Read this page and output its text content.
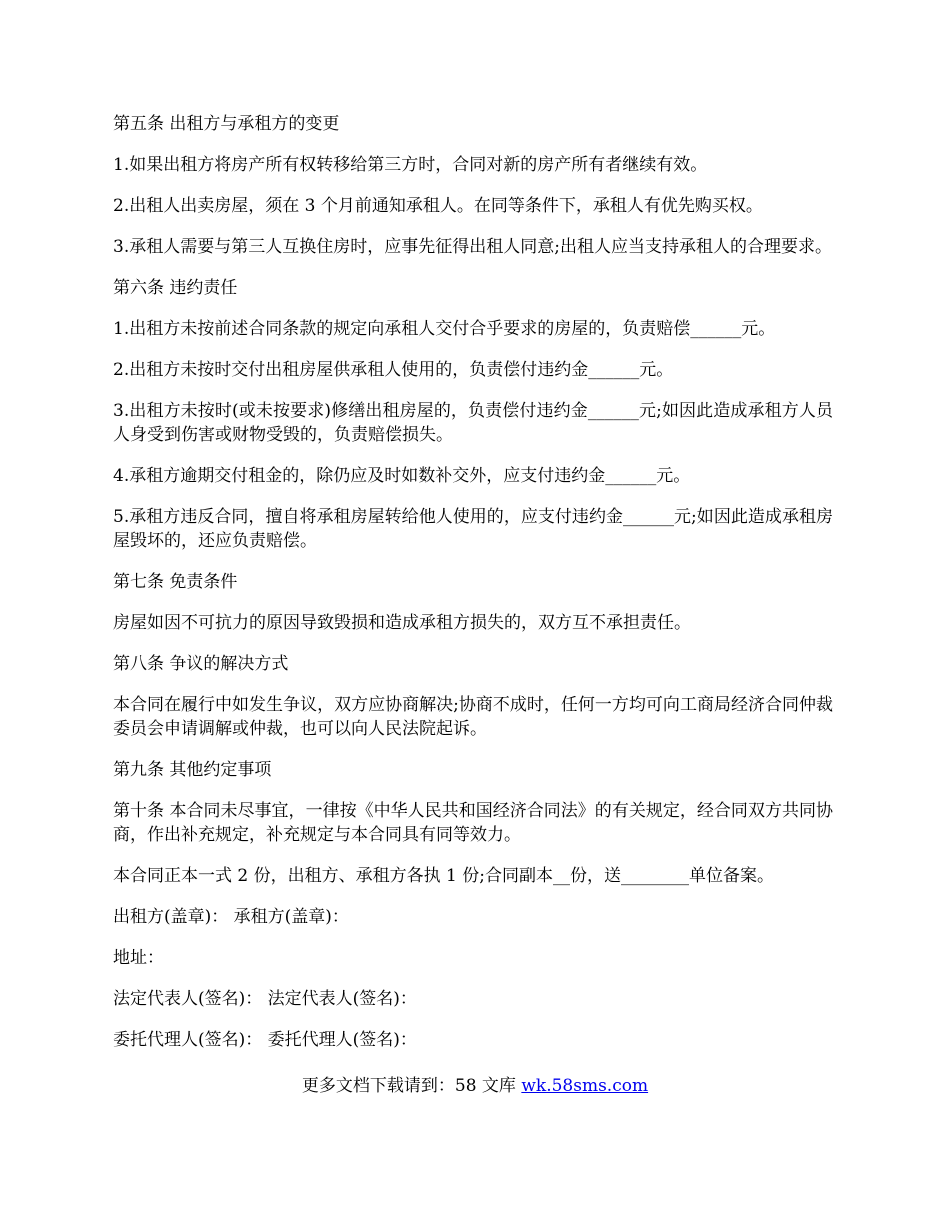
第五条 出租方与承租方的变更

1.如果出租方将房产所有权转移给第三方时，合同对新的房产所有者继续有效。

2.出租人出卖房屋，须在 3 个月前通知承租人。在同等条件下，承租人有优先购买权。

3.承租人需要与第三人互换住房时，应事先征得出租人同意;出租人应当支持承租人的合理要求。

第六条 违约责任

1.出租方未按前述合同条款的规定向承租人交付合乎要求的房屋的，负责赔偿______元。

2.出租方未按时交付出租房屋供承租人使用的，负责偿付违约金______元。

3.出租方未按时(或未按要求)修缮出租房屋的，负责偿付违约金______元;如因此造成承租方人员人身受到伤害或财物受毁的，负责赔偿损失。

4.承租方逾期交付租金的，除仍应及时如数补交外，应支付违约金______元。

5.承租方违反合同，擅自将承租房屋转给他人使用的，应支付违约金______元;如因此造成承租房屋毁坏的，还应负责赔偿。

第七条 免责条件

房屋如因不可抗力的原因导致毁损和造成承租方损失的，双方互不承担责任。

第八条 争议的解决方式

本合同在履行中如发生争议，双方应协商解决;协商不成时，任何一方均可向工商局经济合同仲裁委员会申请调解或仲裁，也可以向人民法院起诉。

第九条 其他约定事项

第十条 本合同未尽事宜，一律按《中华人民共和国经济合同法》的有关规定，经合同双方共同协商，作出补充规定，补充规定与本合同具有同等效力。

本合同正本一式 2 份，出租方、承租方各执 1 份;合同副本__份，送________单位备案。

出租方(盖章)： 承租方(盖章)：

地址：

法定代表人(签名)： 法定代表人(签名)：

委托代理人(签名)： 委托代理人(签名)：

更多文档下载请到：58 文库 wk.58sms.com
